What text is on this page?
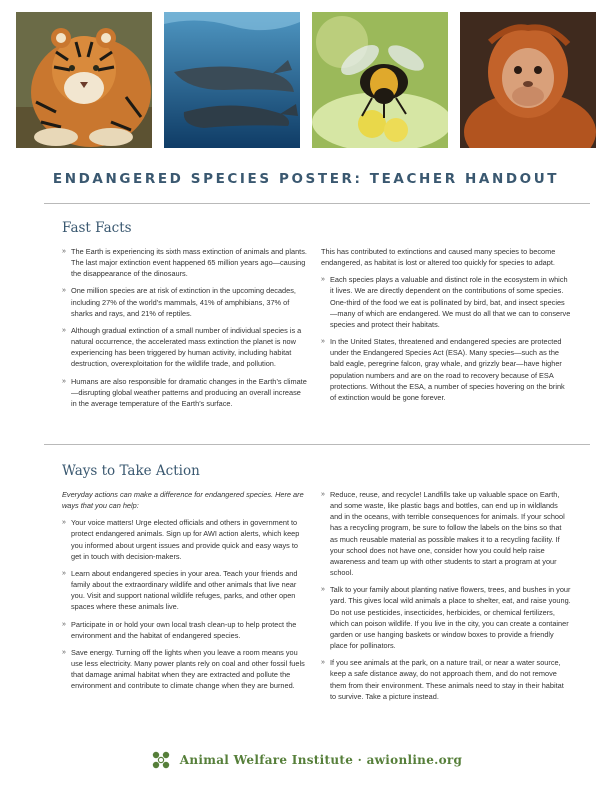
ENDANGERED SPECIES POSTER: TEACHER HANDOUT
Fast Facts
» The Earth is experiencing its sixth mass extinction of animals and plants. The last major extinction event happened 65 million years ago—causing the disappearance of the dinosaurs.
» One million species are at risk of extinction in the upcoming decades, including 27% of the world’s mammals, 41% of amphibians, 37% of sharks and rays, and 21% of reptiles.
» Although gradual extinction of a small number of individual species is a natural occurrence, the accelerated mass extinction the planet is now experiencing has been triggered by human activity, including habitat destruction, overexploitation for the wildlife trade, and pollution.
» Humans are also responsible for dramatic changes in the Earth’s climate—disrupting global weather patterns and producing an overall increase in the average temperature of the Earth’s surface.

This has contributed to extinctions and caused many species to become endangered, as habitat is lost or altered too quickly for species to adapt.

» Each species plays a valuable and distinct role in the ecosystem in which it lives. We are directly dependent on the contributions of some species. One-third of the food we eat is pollinated by bird, bat, and insect species—many of which are endangered. We must do all that we can to conserve species and protect their habitats.
» In the United States, threatened and endangered species are protected under the Endangered Species Act (ESA). Many species—such as the bald eagle, peregrine falcon, gray whale, and grizzly bear—have higher population numbers and are on the road to recovery because of ESA protections. Without the ESA, a number of species hovering on the brink of extinction would be gone forever.
Ways to Take Action

Everyday actions can make a difference for endangered species. Here are ways that you can help:

» Your voice matters! Urge elected officials and others in government to protect endangered animals. Sign up for AWI action alerts, which keep you informed about urgent issues and provide quick and easy ways to get in touch with decision-makers.
» Learn about endangered species in your area. Teach your friends and family about the extraordinary wildlife and other animals that live near you. Visit and support national wildlife refuges, parks, and other open spaces where these animals live.
» Participate in or hold your own local trash clean-up to help protect the environment and the habitat of endangered species.
» Save energy. Turning off the lights when you leave a room means you use less electricity. Many power plants rely on coal and other fossil fuels that damage animal habitat when they are extracted and pollute the environment and contribute to climate change when they are burned.
» Reduce, reuse, and recycle! Landfills take up valuable space on Earth, and some waste, like plastic bags and bottles, can end up in wildlands and in the oceans, with terrible consequences for animals. If your school has a recycling program, be sure to follow the labels on the bins so that as much reusable material as possible makes it to a recycling facility. If your school does not have one, consider how you could help raise awareness and team up with other students to start a program at your school.
» Talk to your family about planting native flowers, trees, and bushes in your yard. This gives local wild animals a place to shelter, eat, and raise young. Do not use pesticides, insecticides, herbicides, or chemical fertilizers, which can poison wildlife. If you live in the city, you can create a container garden or use hanging baskets or window boxes to provide a friendly place for pollinators.
» If you see animals at the park, on a nature trail, or near a water source, keep a safe distance away, do not approach them, and do not remove them from their environment. These animals need to stay in their habitat to survive. Take a picture instead.
Animal Welfare Institute · awionline.org
